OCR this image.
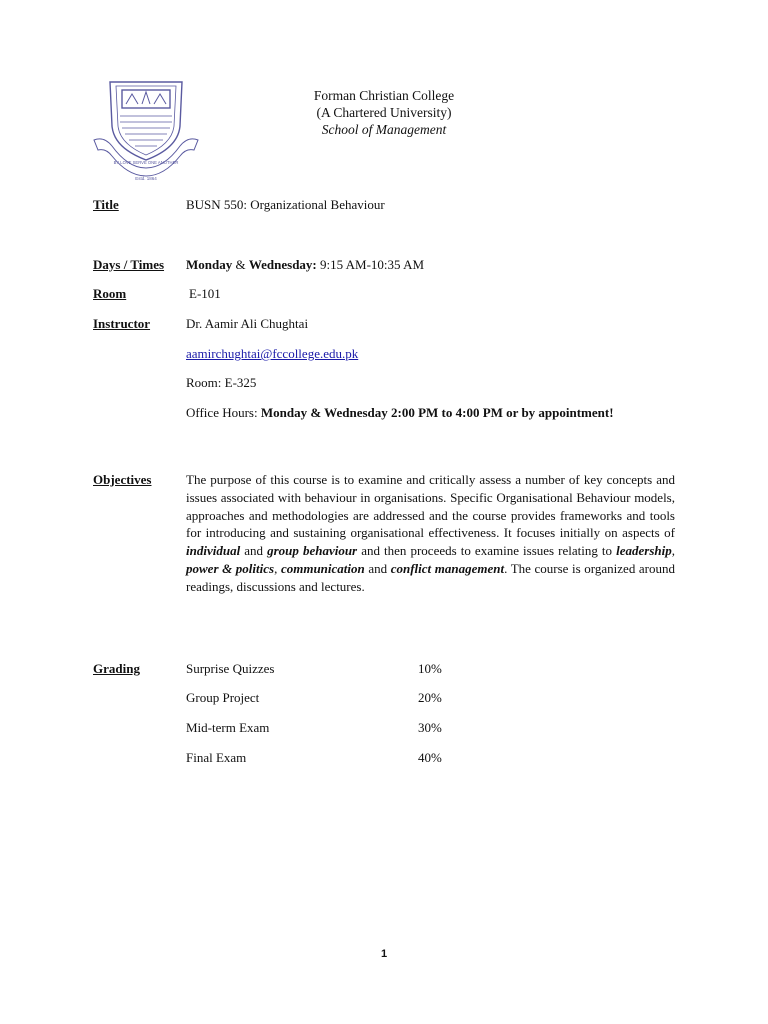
BY LOVE SERVE ONE ANOTHER
Estd. 1864
Forman Christian College
(A Chartered University)
School of Management
Title	BUSN 550: Organizational Behaviour
Days / Times Monday & Wednesday: 9:15 AM-10:35 AM
Room	E-101
Instructor	Dr. Aamir Ali Chughtai
aamirchughtai@fccollege.edu.pk
Room: E-325
Office Hours: Monday & Wednesday 2:00 PM to 4:00 PM or by appointment!
Objectives	The purpose of this course is to examine and critically assess a number of key concepts and issues associated with behaviour in organisations. Specific Organisational Behaviour models, approaches and methodologies are addressed and the course provides frameworks and tools for introducing and sustaining organisational effectiveness. It focuses initially on aspects of individual and group behaviour and then proceeds to examine issues relating to leadership, power & politics, communication and conflict management. The course is organized around readings, discussions and lectures.
Grading	Surprise Quizzes	10%
Group Project	20%
Mid-term Exam	30%
Final Exam	40%
1
